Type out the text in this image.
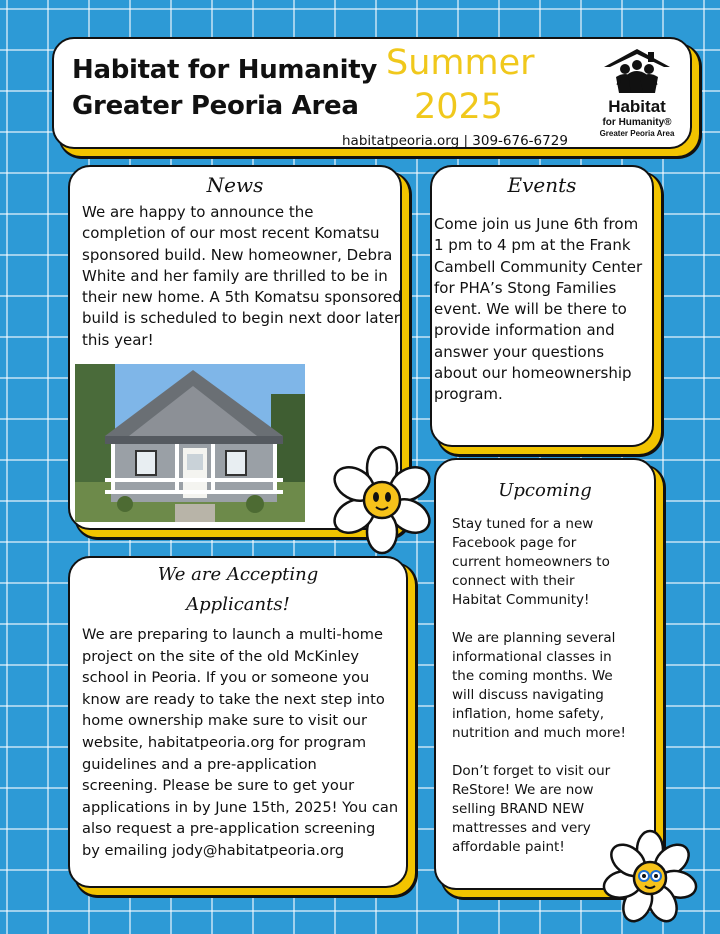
Habitat for Humanity
Greater Peoria Area
Summer
2025
habitatpeoria.org | 309-676-6729
Habitat
for Humanity®
Greater Peoria Area
News
We are happy to announce the
completion of our most recent Komatsu
sponsored build. New homeowner, Debra
White and her family are thrilled to be in
their new home. A 5th Komatsu sponsored
build is scheduled to begin next door later
this year!
Events
Come join us June 6th from
1 pm to 4 pm at the Frank
Cambell Community Center
for PHA’s Stong Families
event. We will be there to
provide information and
answer your questions
about our homeownership
program.
Upcoming
Stay tuned for a new
Facebook page for
current homeowners to
connect with their
Habitat Community!
We are planning several
informational classes in
the coming months. We
will discuss navigating
inflation, home safety,
nutrition and much more!
Don’t forget to visit our
ReStore! We are now
selling BRAND NEW
mattresses and very
affordable paint!
We are Accepting
Applicants!
We are preparing to launch a multi-home
project on the site of the old McKinley
school in Peoria. If you or someone you
know are ready to take the next step into
home ownership make sure to visit our
website, habitatpeoria.org for program
guidelines and a pre-application
screening. Please be sure to get your
applications in by June 15th, 2025! You can
also request a pre-application screening
by emailing jody@habitatpeoria.org
